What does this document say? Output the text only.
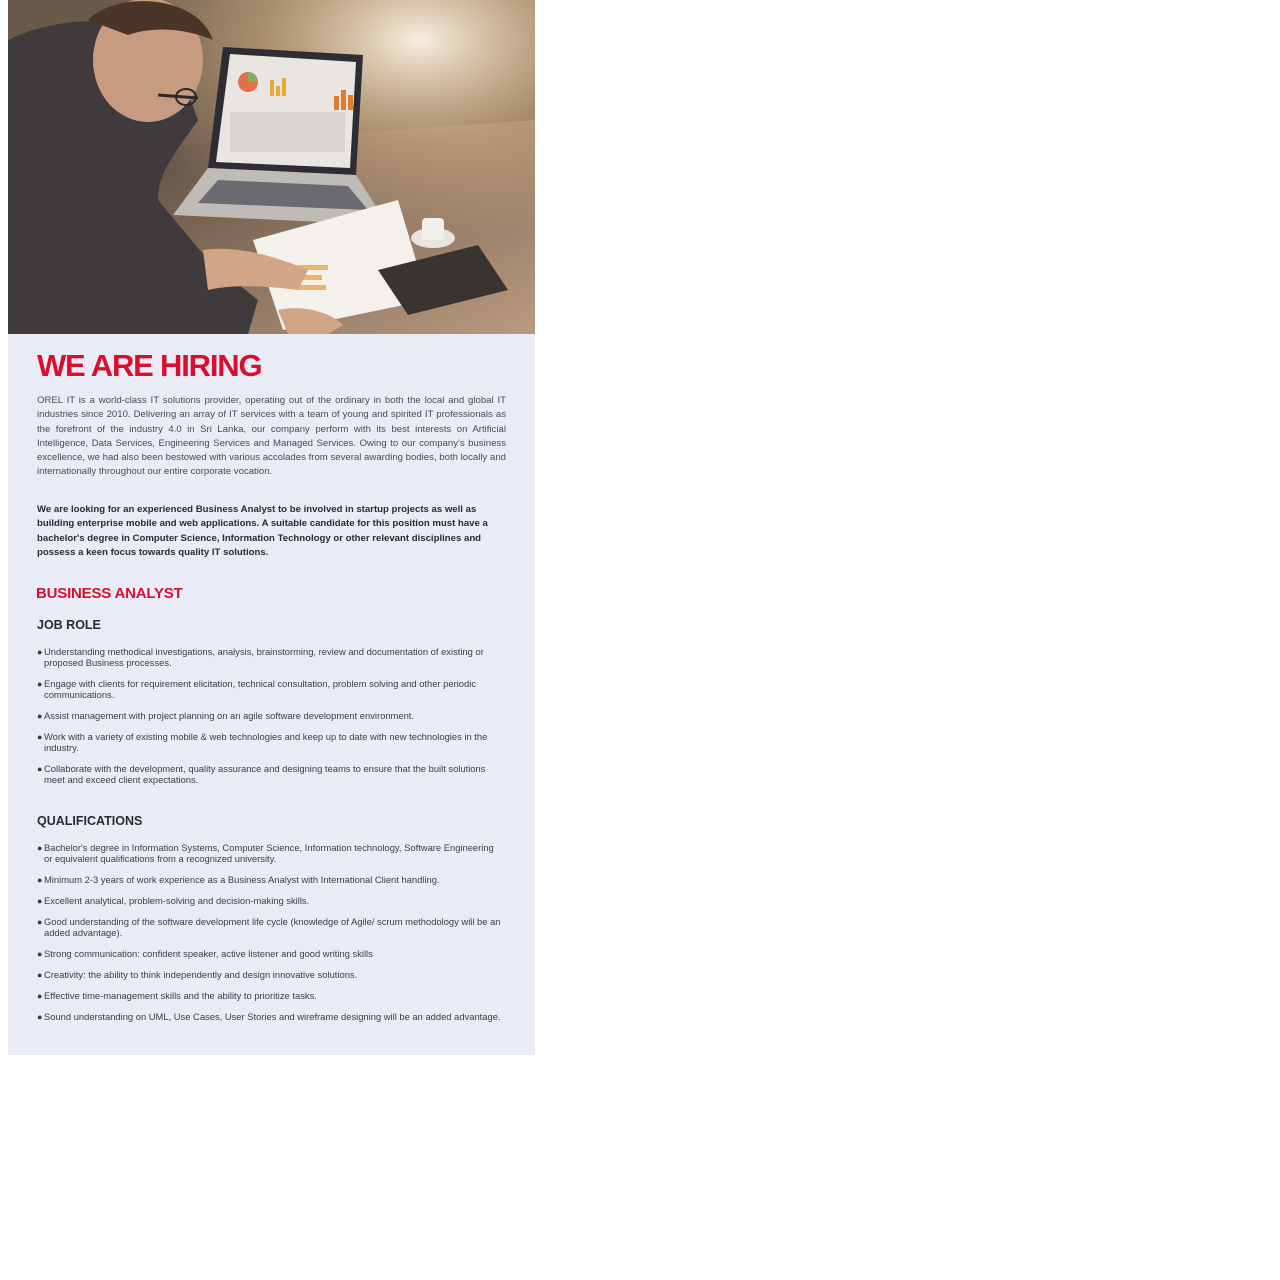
WE ARE HIRING

OREL IT is a world-class IT solutions provider, operating out of the ordinary in both the local and global IT industries since 2010. Delivering an array of IT services with a team of young and spirited IT professionals as the forefront of the industry 4.0 in Sri Lanka, our company perform with its best interests on Artificial Intelligence, Data Services, Engineering Services and Managed Services. Owing to our company's business excellence, we had also been bestowed with various accolades from several awarding bodies, both locally and internationally throughout our entire corporate vocation.

We are looking for an experienced Business Analyst to be involved in startup projects as well as building enterprise mobile and web applications. A suitable candidate for this position must have a bachelor's degree in Computer Science, Information Technology or other relevant disciplines and possess a keen focus towards quality IT solutions.

BUSINESS ANALYST
JOB ROLE
● Understanding methodical investigations, analysis, brainstorming, review and documentation of existing or proposed Business processes.
● Engage with clients for requirement elicitation, technical consultation, problem solving and other periodic communications.
● Assist management with project planning on an agile software development environment.
● Work with a variety of existing mobile & web technologies and keep up to date with new technologies in the industry.
● Collaborate with the development, quality assurance and designing teams to ensure that the built solutions meet and exceed client expectations.
QUALIFICATIONS
● Bachelor's degree in Information Systems, Computer Science, Information technology, Software Engineering or equivalent qualifications from a recognized university.
● Minimum 2-3 years of work experience as a Business Analyst with International Client handling.
● Excellent analytical, problem-solving and decision-making skills.
● Good understanding of the software development life cycle (knowledge of Agile/ scrum methodology will be an added advantage).
● Strong communication: confident speaker, active listener and good writing skills
● Creativity: the ability to think independently and design innovative solutions.
● Effective time-management skills and the ability to prioritize tasks.
● Sound understanding on UML, Use Cases, User Stories and wireframe designing will be an added advantage.
